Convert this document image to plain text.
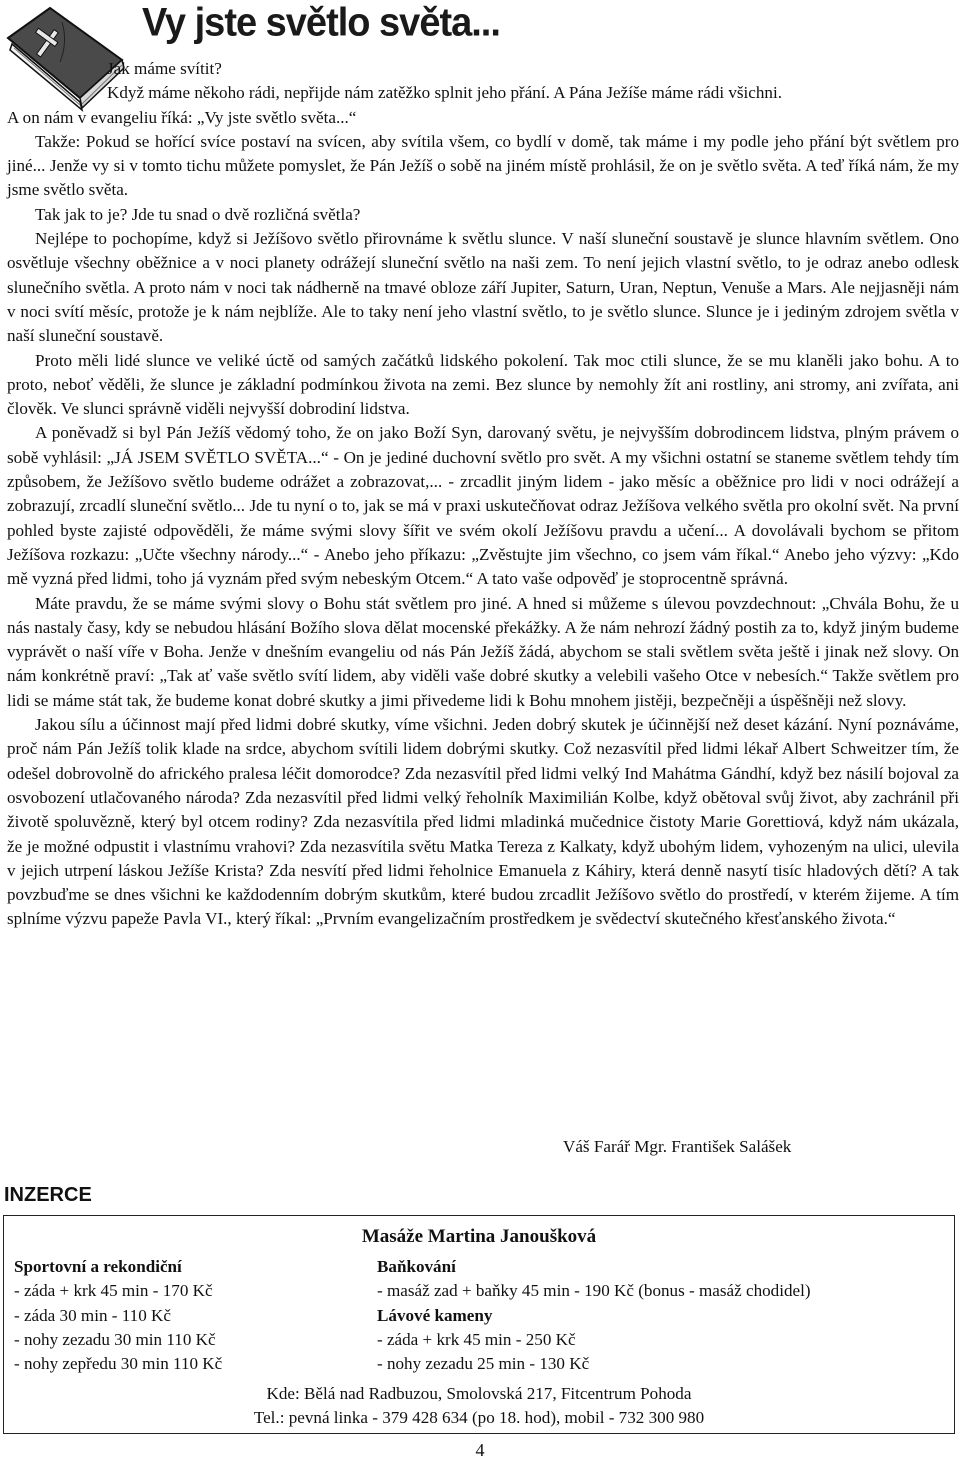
Vy jste světlo světa...

Jak máme svítit?

Když máme někoho rádi, nepřijde nám zatěžko splnit jeho přání. A Pána Ježíše máme rádi všichni.

A on nám v evangeliu říká: „Vy jste světlo světa...“

Takže: Pokud se hořící svíce postaví na svícen, aby svítila všem, co bydlí v domě, tak máme i my podle jeho přání být světlem pro jiné... Jenže vy si v tomto tichu můžete pomyslet, že Pán Ježíš o sobě na jiném místě prohlásil, že on je světlo světa. A teď říká nám, že my jsme světlo světa.

Tak jak to je? Jde tu snad o dvě rozličná světla?

Nejlépe to pochopíme, když si Ježíšovo světlo přirovnáme k světlu slunce. V naší sluneční soustavě je slunce hlavním světlem. Ono osvětluje všechny oběžnice a v noci planety odrážejí sluneční světlo na naši zem. To není jejich vlastní světlo, to je odraz anebo odlesk slunečního světla. A proto nám v noci tak nádherně na tmavé obloze září Jupiter, Saturn, Uran, Neptun, Venuše a Mars. Ale nejjasněji nám v noci svítí měsíc, protože je k nám nejblíže. Ale to taky není jeho vlastní světlo, to je světlo slunce. Slunce je i jediným zdrojem světla v naší sluneční soustavě.

Proto měli lidé slunce ve veliké úctě od samých začátků lidského pokolení. Tak moc ctili slunce, že se mu klaněli jako bohu. A to proto, neboť věděli, že slunce je základní podmínkou života na zemi. Bez slunce by nemohly žít ani rostliny, ani stromy, ani zvířata, ani člověk. Ve slunci správně viděli nejvyšší dobrodiní lidstva.

A poněvadž si byl Pán Ježíš vědomý toho, že on jako Boží Syn, darovaný světu, je nejvyšším dobrodincem lidstva, plným právem o sobě vyhlásil: „JÁ JSEM SVĚTLO SVĚTA...“ - On je jediné duchovní světlo pro svět. A my všichni ostatní se staneme světlem tehdy tím způsobem, že Ježíšovo světlo budeme odrážet a zobrazovat,... - zrcadlit jiným lidem - jako měsíc a oběžnice pro lidi v noci odrážejí a zobrazují, zrcadlí sluneční světlo... Jde tu nyní o to, jak se má v praxi uskutečňovat odraz Ježíšova velkého světla pro okolní svět. Na první pohled byste zajisté odpověděli, že máme svými slovy šířit ve svém okolí Ježíšovu pravdu a učení... A dovolávali bychom se přitom Ježíšova rozkazu: „Učte všechny národy...“ - Anebo jeho příkazu: „Zvěstujte jim všechno, co jsem vám říkal.“ Anebo jeho výzvy: „Kdo mě vyzná před lidmi, toho já vyznám před svým nebeským Otcem.“ A tato vaše odpověď je stoprocentně správná.

Máte pravdu, že se máme svými slovy o Bohu stát světlem pro jiné. A hned si můžeme s úlevou povzdechnout: „Chvála Bohu, že u nás nastaly časy, kdy se nebudou hlásání Božího slova dělat mocenské překážky. A že nám nehrozí žádný postih za to, když jiným budeme vyprávět o naší víře v Boha. Jenže v dnešním evangeliu od nás Pán Ježíš žádá, abychom se stali světlem světa ještě i jinak než slovy. On nám konkrétně praví: „Tak ať vaše světlo svítí lidem, aby viděli vaše dobré skutky a velebili vašeho Otce v nebesích.“ Takže světlem pro lidi se máme stát tak, že budeme konat dobré skutky a jimi přivedeme lidi k Bohu mnohem jistěji, bezpečněji a úspěšněji než slovy.

Jakou sílu a účinnost mají před lidmi dobré skutky, víme všichni. Jeden dobrý skutek je účinnější než deset kázání. Nyní poznáváme, proč nám Pán Ježíš tolik klade na srdce, abychom svítili lidem dobrými skutky. Což nezasvítil před lidmi lékař Albert Schweitzer tím, že odešel dobrovolně do afrického pralesa léčit domorodce? Zda nezasvítil před lidmi velký Ind Mahátma Gándhí, když bez násilí bojoval za osvobození utlačovaného národa? Zda nezasvítil před lidmi velký řeholník Maximilián Kolbe, když obětoval svůj život, aby zachránil při životě spoluvězně, který byl otcem rodiny? Zda nezasvítila před lidmi mladinká mučednice čistoty Marie Gorettiová, když nám ukázala, že je možné odpustit i vlastnímu vrahovi? Zda nezasvítila světu Matka Tereza z Kalkaty, když ubohým lidem, vyhozeným na ulici, ulevila v jejich utrpení láskou Ježíše Krista? Zda nesvítí před lidmi řeholnice Emanuela z Káhiry, která denně nasytí tisíc hladových dětí? A tak povzbuďme se dnes všichni ke každodenním dobrým skutkům, které budou zrcadlit Ježíšovo světlo do prostředí, v kterém žijeme. A tím splníme výzvu papeže Pavla VI., který říkal: „Prvním evangelizačním prostředkem je svědectví skutečného křesťanského života.“

Váš Farář Mgr. František Salášek
INZERCE
Masáže Martina Janoušková
Sportovní a rekondiční
- záda + krk 45 min - 170 Kč
- záda 30 min - 110 Kč
- nohy zezadu 30 min 110 Kč
- nohy zepředu 30 min 110 Kč
Baňkování
- masáž zad + baňky 45 min - 190 Kč (bonus - masáž chodidel)
Lávové kameny
- záda + krk 45 min - 250 Kč
- nohy zezadu 25 min - 130 Kč
Kde: Bělá nad Radbuzou, Smolovská 217, Fitcentrum Pohoda
Tel.: pevná linka - 379 428 634 (po 18. hod), mobil - 732 300 980
4
